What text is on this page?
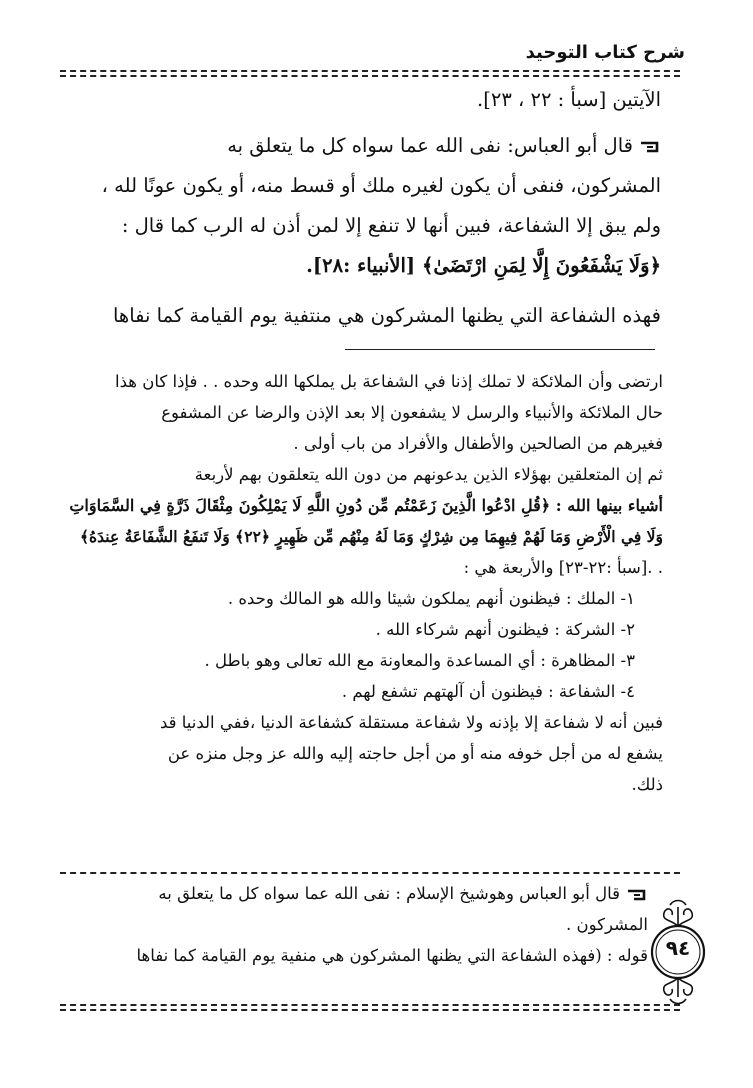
شرح كتاب التوحيد
الآيتين [سبأ : ٢٢ ، ٢٣].
قال أبو العباس: نفى الله عما سواه كل ما يتعلق به
المشركون، فنفى أن يكون لغيره ملك أو قسط منه، أو يكون عونًا لله ،
ولم يبق إلا الشفاعة، فبين أنها لا تنفع إلا لمن أذن له الرب كما قال :
﴿وَلَا يَشْفَعُونَ إِلَّا لِمَنِ ارْتَضَىٰ﴾ [الأنبياء :٢٨].
فهذه الشفاعة التي يظنها المشركون هي منتفية يوم القيامة كما نفاها
ارتضى وأن الملائكة لا تملك إذنا في الشفاعة بل يملكها الله وحده . . فإذا كان هذا
حال الملائكة والأنبياء والرسل لا يشفعون إلا بعد الإذن والرضا عن المشفوع
فغيرهم من الصالحين والأطفال والأفراد من باب أولى .
ثم إن المتعلقين بهؤلاء الذين يدعونهم من دون الله يتعلقون بهم لأربعة
أشياء بينها الله : ﴿قُلِ ادْعُوا الَّذِينَ زَعَمْتُم مِّن دُونِ اللَّهِ لَا يَمْلِكُونَ مِثْقَالَ ذَرَّةٍ فِي السَّمَاوَاتِ
وَلَا فِي الْأَرْضِ وَمَا لَهُمْ فِيهِمَا مِن شِرْكٍ وَمَا لَهُ مِنْهُم مِّن ظَهِيرٍ ﴿٢٢﴾ وَلَا تَنفَعُ الشَّفَاعَةُ عِندَهُ﴾
. .[سبأ :٢٢-٢٣] والأربعة هي :
١- الملك : فيظنون أنهم يملكون شيئا والله هو المالك وحده .
٢- الشركة : فيظنون أنهم شركاء الله .
٣- المظاهرة : أي المساعدة والمعاونة مع الله تعالى وهو باطل .
٤- الشفاعة : فيظنون أن آلهتهم تشفع لهم .
فبين أنه لا شفاعة إلا بإذنه ولا شفاعة مستقلة كشفاعة الدنيا ،ففي الدنيا قد
يشفع له من أجل خوفه منه أو من أجل حاجته إليه والله عز وجل منزه عن
ذلك.
قال أبو العباس وهوشيخ الإسلام : نفى الله عما سواه كل ما يتعلق به
المشركون .
قوله : (فهذه الشفاعة التي يظنها المشركون هي منفية يوم القيامة كما نفاها ٩٤
